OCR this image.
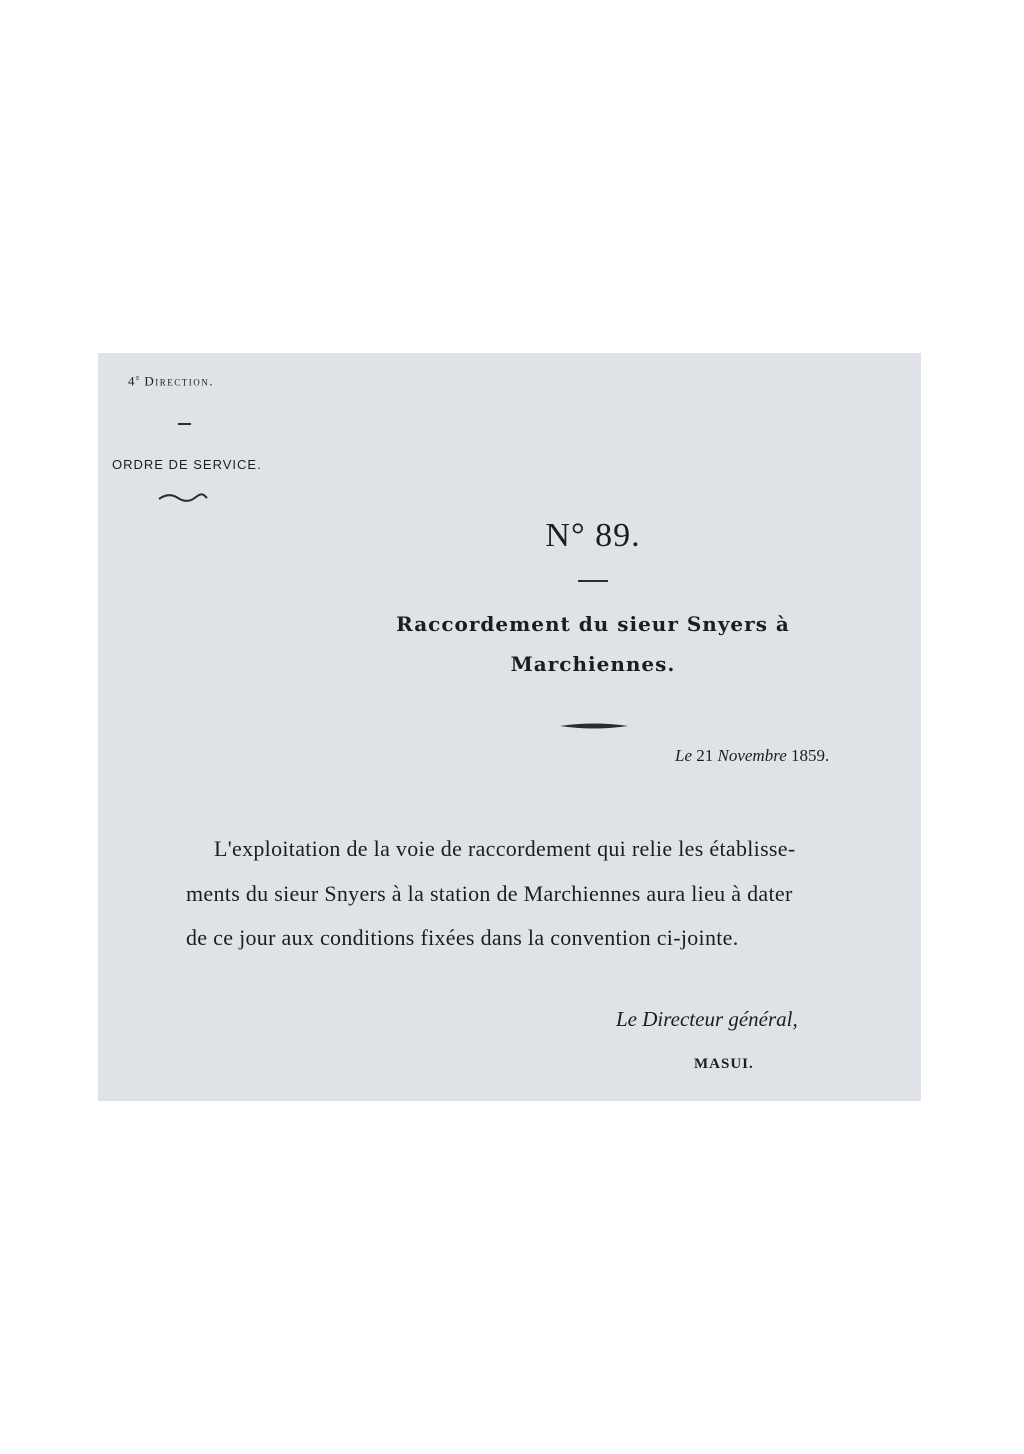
4e Direction.
ORDRE DE SERVICE.
N° 89.
Raccordement du sieur Snyers à
Marchiennes.
Le 21 Novembre 1859.
L'exploitation de la voie de raccordement qui relie les établisse-
ments du sieur Snyers à la station de Marchiennes aura lieu à dater
de ce jour aux conditions fixées dans la convention ci-jointe.
Le Directeur général,
MASUI.
